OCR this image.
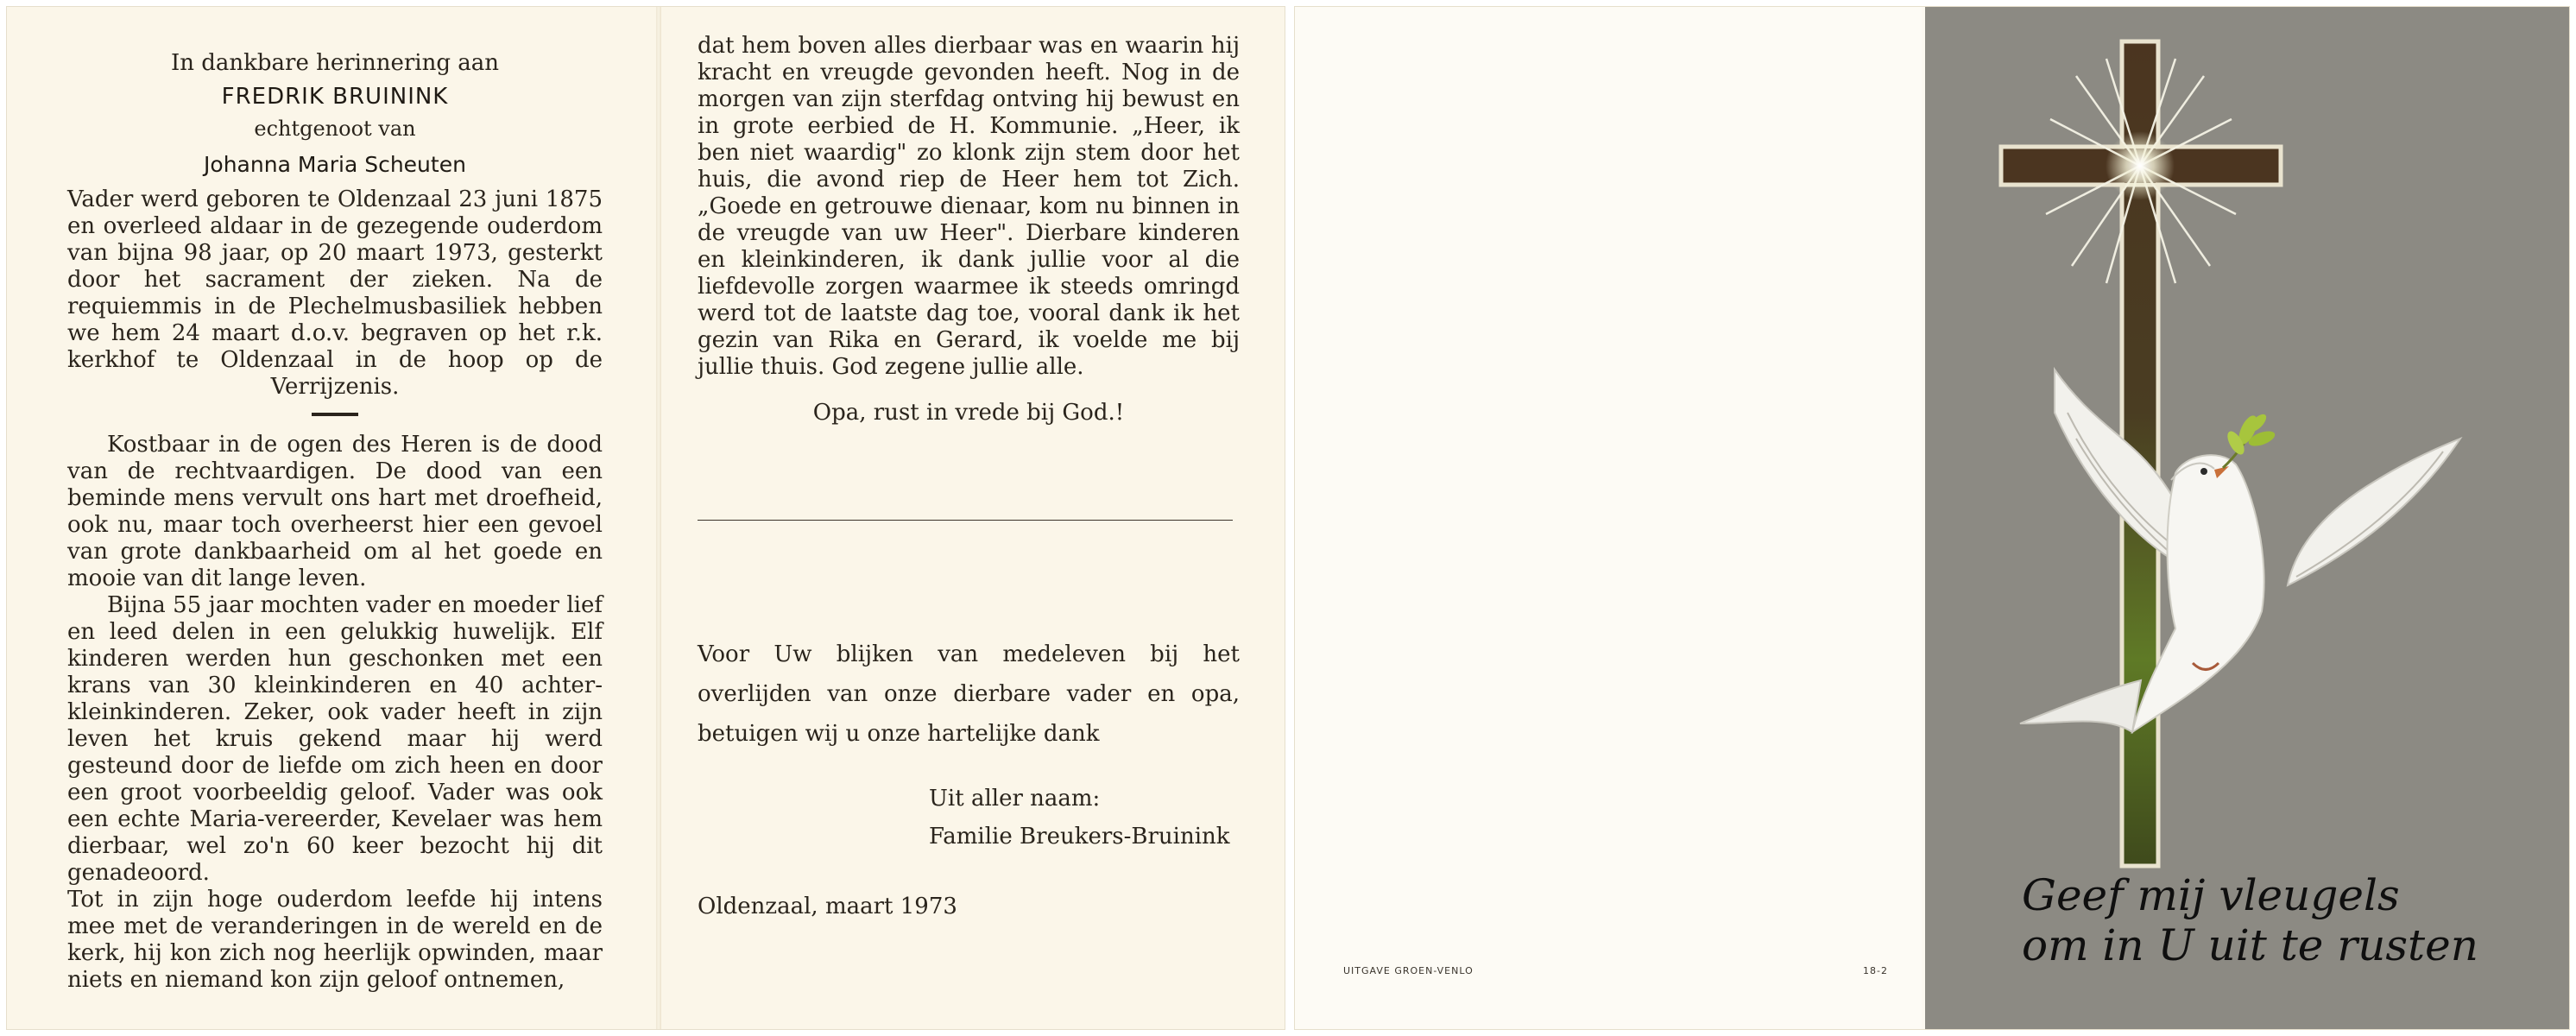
In dankbare herinnering aan

FREDRIK BRUININK

echtgenoot van

Johanna Maria Scheuten

Vader werd geboren te Oldenzaal 23 juni 1875 en overleed aldaar in de gezegende ouderdom van bijna 98 jaar, op 20 maart 1973, gesterkt door het sacrament der zieken. Na de requiemmis in de Plechelmusbasiliek hebben we hem 24 maart d.o.v. begraven op het r.k. kerkhof te Oldenzaal in de hoop op de Verrijzenis.

Kostbaar in de ogen des Heren is de dood van de rechtvaardigen. De dood van een beminde mens vervult ons hart met droefheid, ook nu, maar toch overheerst hier een gevoel van grote dankbaarheid om al het goede en mooie van dit lange leven.

Bijna 55 jaar mochten vader en moeder lief en leed delen in een gelukkig huwelijk. Elf kinderen werden hun geschonken met een krans van 30 kleinkinderen en 40 achter-kleinkinderen. Zeker, ook vader heeft in zijn leven het kruis gekend maar hij werd gesteund door de liefde om zich heen en door een groot voorbeeldig geloof. Vader was ook een echte Maria-vereerder, Kevelaer was hem dierbaar, wel zo'n 60 keer bezocht hij dit genadeoord.

Tot in zijn hoge ouderdom leefde hij intens mee met de veranderingen in de wereld en de kerk, hij kon zich nog heerlijk opwinden, maar niets en niemand kon zijn geloof ontnemen,

dat hem boven alles dierbaar was en waarin hij kracht en vreugde gevonden heeft. Nog in de morgen van zijn sterfdag ontving hij bewust en in grote eerbied de H. Kommunie. „Heer, ik ben niet waardig" zo klonk zijn stem door het huis, die avond riep de Heer hem tot Zich. „Goede en getrouwe dienaar, kom nu binnen in de vreugde van uw Heer". Dierbare kinderen en kleinkinderen, ik dank jullie voor al die liefdevolle zorgen waarmee ik steeds omringd werd tot de laatste dag toe, vooral dank ik het gezin van Rika en Gerard, ik voelde me bij jullie thuis. God zegene jullie alle.

Opa, rust in vrede bij God.!

Voor Uw blijken van medeleven bij het overlijden van onze dierbare vader en opa, betuigen wij u onze hartelijke dank

Uit aller naam:

Familie Breukers-Bruinink

Oldenzaal, maart 1973

UITGAVE GROEN-VENLO	18-2
Geef mij vleugels
om in U uit te rusten
